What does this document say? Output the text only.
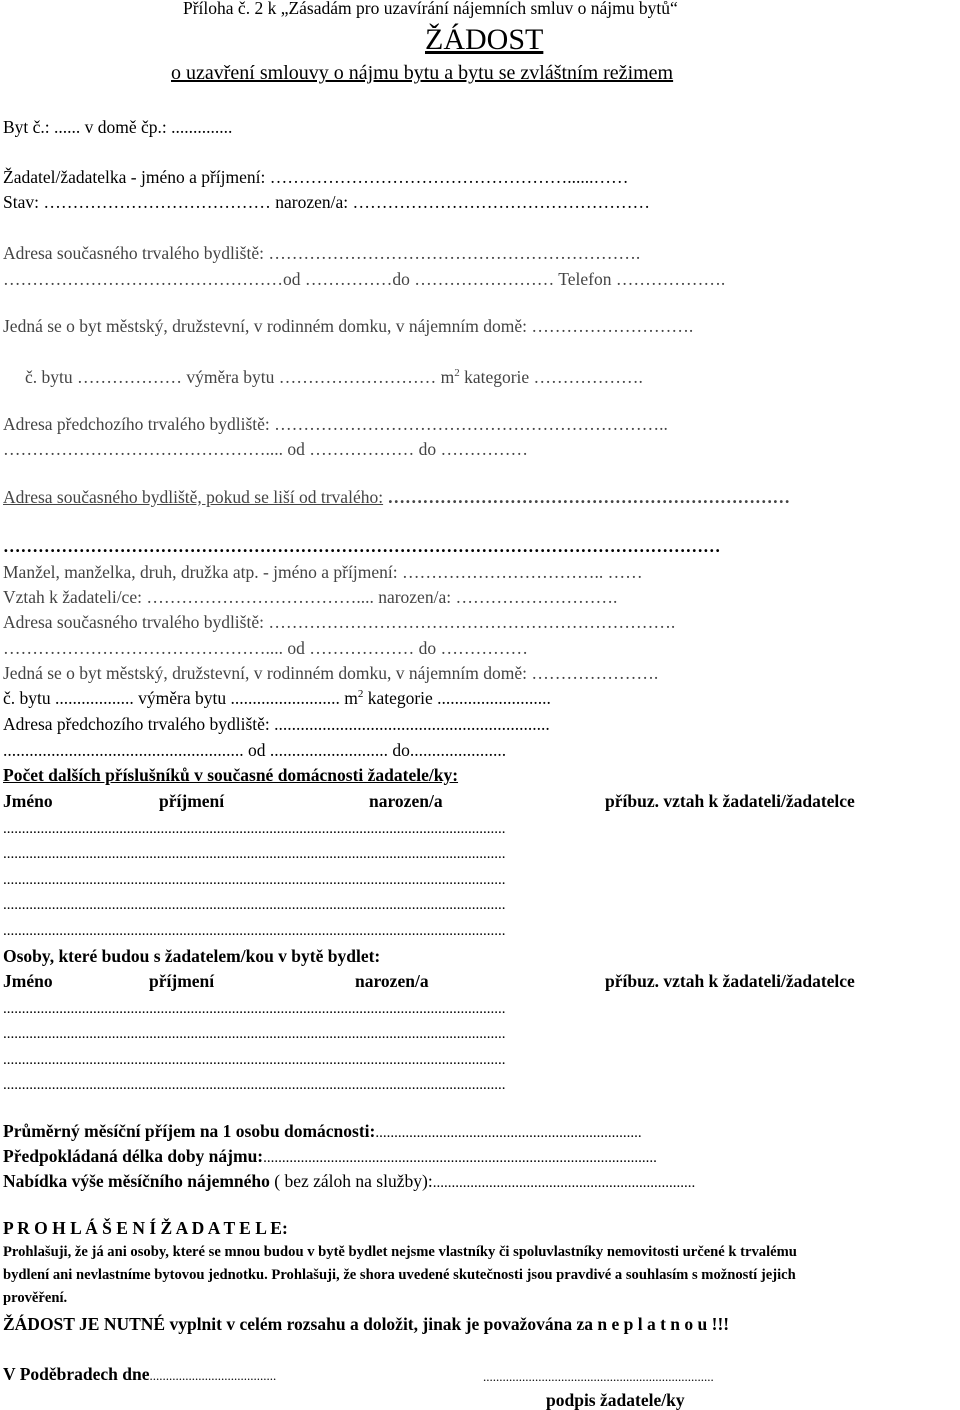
Příloha č. 2 k „Zásadám pro uzavírání nájemních smluv o nájmu bytů“
ŽÁDOST
o uzavření smlouvy o nájmu bytu a bytu se zvláštním režimem
Byt č.: ...... v domě čp.: ..............
Žadatel/žadatelka - jméno a příjmení: ……………………………………………......……
Stav: ………………………………… narozen/a: ……………………………………………
Adresa současného trvalého bydliště: ……………………………………………………….
…………………………………………od ……………do …………………… Telefon ……………….
Jedná se o byt městský, družstevní, v rodinném domku, v nájemním domě: ……………………….
č. bytu ……………… výměra bytu ……………………… $m^2$ kategorie ……………….
Adresa předchozího trvalého bydliště: …………………………………………………………..
……………………………………….... od ……………… do ……………
Adresa současného bydliště, pokud se liší od trvalého: ……………………………………………………………
……………………………………………………………………………………………………………
Manžel, manželka, druh, družka atp. - jméno a příjmení: …………………………….. ……
Vztah k žadateli/ce: ……………………………….... narozen/a: ……………………….
Adresa současného trvalého bydliště: …………………………………………………………….
……………………………………….... od ……………… do ……………
Jedná se o byt městský, družstevní, v rodinném domku, v nájemním domě: ………………….
č. bytu .................. výměra bytu ......................... $m^2$ kategorie ..........................
Adresa předchozího trvalého bydliště: ...............................................................
....................................................... od ........................... do......................
Počet dalších příslušníků v současné domácnosti žadatele/ky:
Jméno	příjmení	narozen/a	příbuz. vztah k žadateli/žadatelce
......................................................................................................................................
......................................................................................................................................
......................................................................................................................................
......................................................................................................................................
......................................................................................................................................
Osoby, které budou s žadatelem/kou v bytě bydlet:
Jméno	příjmení	narozen/a	příbuz. vztah k žadateli/žadatelce
......................................................................................................................................
......................................................................................................................................
......................................................................................................................................
......................................................................................................................................
Průměrný měsíční příjem na 1 osobu domácnosti:.......................................................................
Předpokládaná délka doby nájmu:.........................................................................................................
Nabídka výše měsíčního nájemného ( bez záloh na služby):......................................................................
P R O H L Á Š E N Í Ž A D A T E L E:
Prohlašuji, že já ani osoby, které se mnou budou v bytě bydlet nejsme vlastníky či spoluvlastníky nemovitosti určené k trvalému
bydlení ani nevlastníme bytovou jednotku. Prohlašuji, že shora uvedené skutečnosti jsou pravdivé a souhlasím s možností jejich
prověření.
ŽÁDOST JE NUTNÉ vyplnit v celém rozsahu a doložit, jinak je považována za n e p l a t n o u !!!
V Poděbradech dne.......................................	.......................................................................
podpis žadatele/ky
